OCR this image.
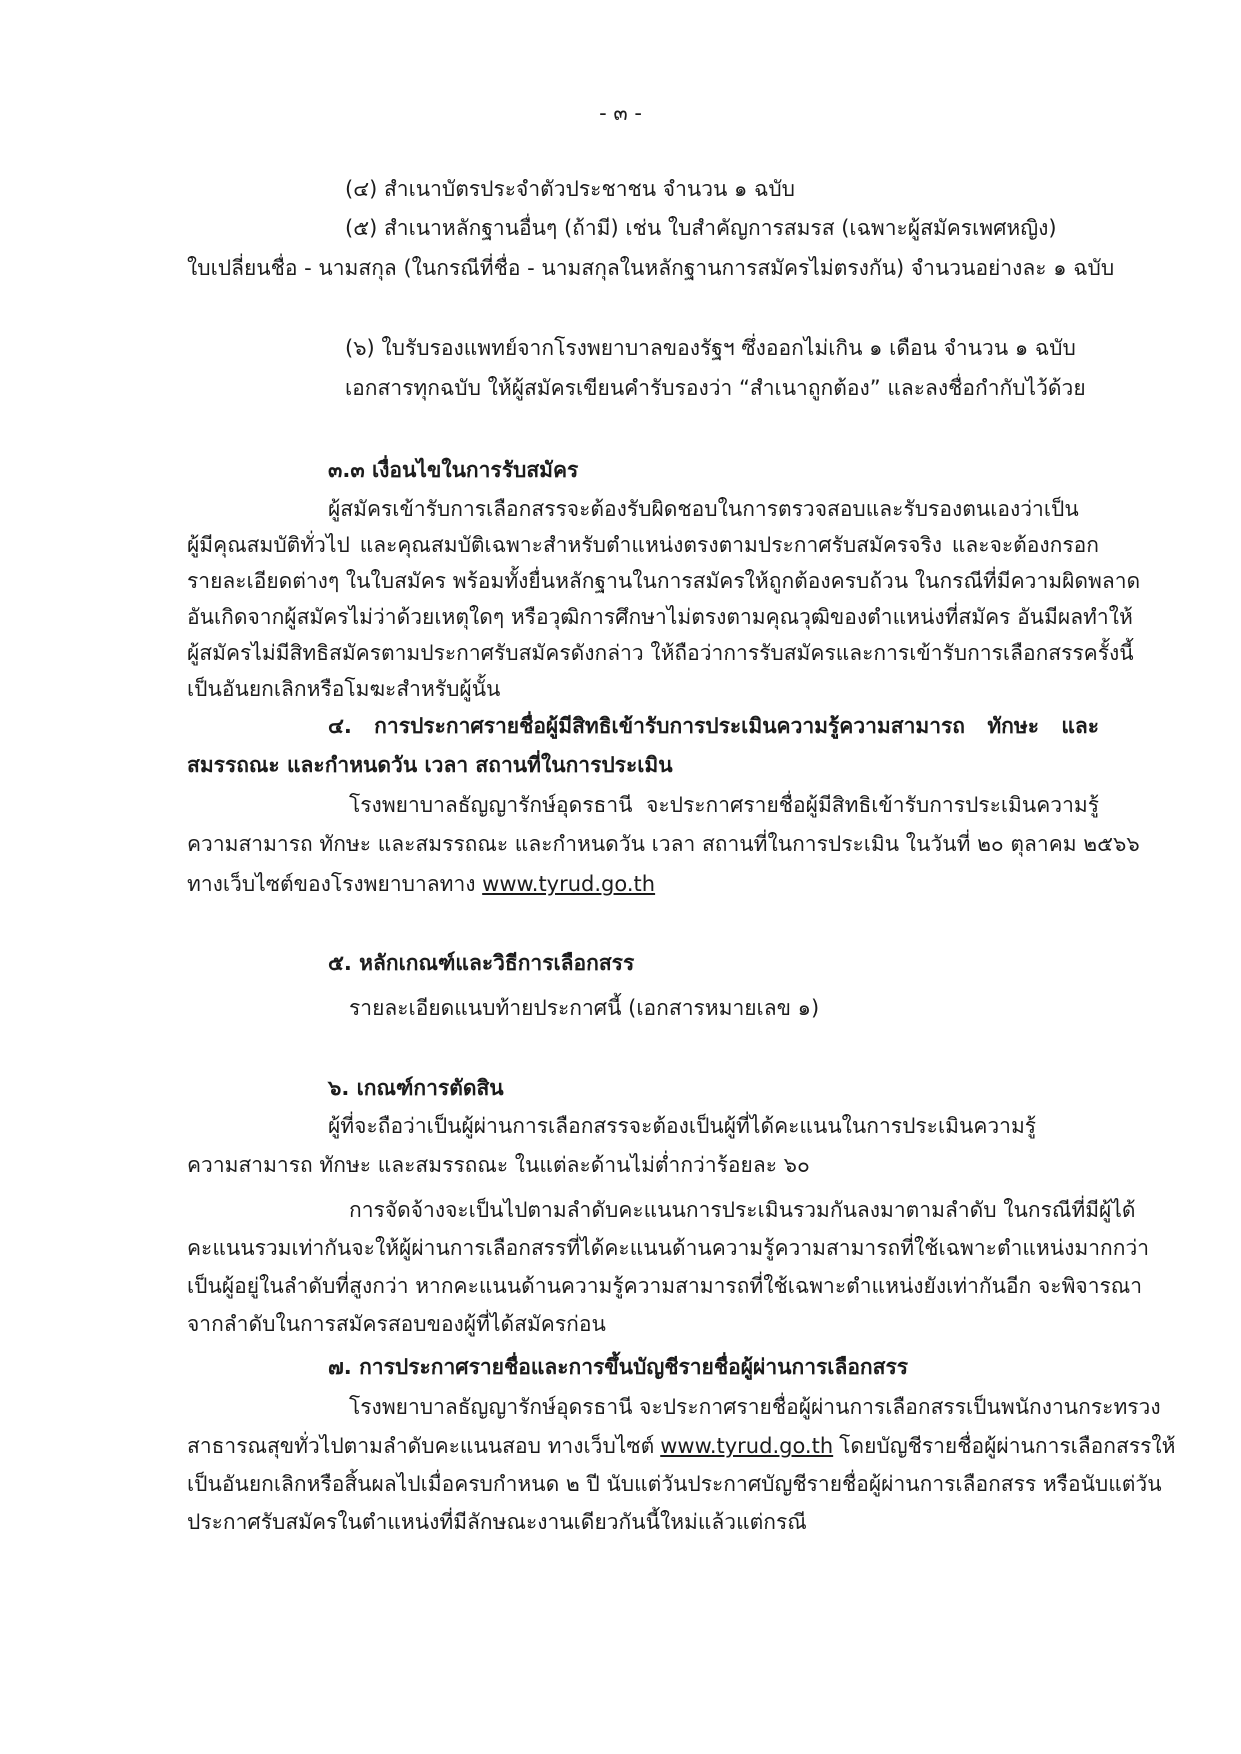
- ๓ -
(๔) สำเนาบัตรประจำตัวประชาชน จำนวน ๑ ฉบับ
(๕) สำเนาหลักฐานอื่นๆ (ถ้ามี) เช่น ใบสำคัญการสมรส (เฉพาะผู้สมัครเพศหญิง)
ใบเปลี่ยนชื่อ - นามสกุล (ในกรณีที่ชื่อ - นามสกุลในหลักฐานการสมัครไม่ตรงกัน) จำนวนอย่างละ ๑ ฉบับ
(๖) ใบรับรองแพทย์จากโรงพยาบาลของรัฐฯ ซึ่งออกไม่เกิน ๑ เดือน จำนวน ๑ ฉบับ
เอกสารทุกฉบับ ให้ผู้สมัครเขียนคำรับรองว่า “สำเนาถูกต้อง” และลงชื่อกำกับไว้ด้วย
๓.๓ เงื่อนไขในการรับสมัคร
ผู้สมัครเข้ารับการเลือกสรรจะต้องรับผิดชอบในการตรวจสอบและรับรองตนเองว่าเป็น
ผู้มีคุณสมบัติทั่วไป และคุณสมบัติเฉพาะสำหรับตำแหน่งตรงตามประกาศรับสมัครจริง และจะต้องกรอก
รายละเอียดต่างๆ ในใบสมัคร พร้อมทั้งยื่นหลักฐานในการสมัครให้ถูกต้องครบถ้วน ในกรณีที่มีความผิดพลาด
อันเกิดจากผู้สมัครไม่ว่าด้วยเหตุใดๆ หรือวุฒิการศึกษาไม่ตรงตามคุณวุฒิของตำแหน่งที่สมัคร อันมีผลทำให้
ผู้สมัครไม่มีสิทธิสมัครตามประกาศรับสมัครดังกล่าว ให้ถือว่าการรับสมัครและการเข้ารับการเลือกสรรครั้งนี้
เป็นอันยกเลิกหรือโมฆะสำหรับผู้นั้น
๔. การประกาศรายชื่อผู้มีสิทธิเข้ารับการประเมินความรู้ความสามารถ ทักษะ และ
สมรรถณะ และกำหนดวัน เวลา สถานที่ในการประเมิน
โรงพยาบาลธัญญารักษ์อุดรธานี จะประกาศรายชื่อผู้มีสิทธิเข้ารับการประเมินความรู้
ความสามารถ ทักษะ และสมรรถณะ และกำหนดวัน เวลา สถานที่ในการประเมิน ในวันที่ ๒๐ ตุลาคม ๒๕๖๖
ทางเว็บไซต์ของโรงพยาบาลทาง www.tyrud.go.th
๕. หลักเกณฑ์และวิธีการเลือกสรร
รายละเอียดแนบท้ายประกาศนี้ (เอกสารหมายเลข ๑)
๖. เกณฑ์การตัดสิน
ผู้ที่จะถือว่าเป็นผู้ผ่านการเลือกสรรจะต้องเป็นผู้ที่ได้คะแนนในการประเมินความรู้
ความสามารถ ทักษะ และสมรรถณะ ในแต่ละด้านไม่ต่ำกว่าร้อยละ ๖๐
การจัดจ้างจะเป็นไปตามลำดับคะแนนการประเมินรวมกันลงมาตามลำดับ ในกรณีที่มีผู้ได้
คะแนนรวมเท่ากันจะให้ผู้ผ่านการเลือกสรรที่ได้คะแนนด้านความรู้ความสามารถที่ใช้เฉพาะตำแหน่งมากกว่า
เป็นผู้อยู่ในลำดับที่สูงกว่า หากคะแนนด้านความรู้ความสามารถที่ใช้เฉพาะตำแหน่งยังเท่ากันอีก จะพิจารณา
จากลำดับในการสมัครสอบของผู้ที่ได้สมัครก่อน
๗. การประกาศรายชื่อและการขึ้นบัญชีรายชื่อผู้ผ่านการเลือกสรร
โรงพยาบาลธัญญารักษ์อุดรธานี จะประกาศรายชื่อผู้ผ่านการเลือกสรรเป็นพนักงานกระทรวง
สาธารณสุขทั่วไปตามลำดับคะแนนสอบ ทางเว็บไซต์ www.tyrud.go.th โดยบัญชีรายชื่อผู้ผ่านการเลือกสรรให้
เป็นอันยกเลิกหรือสิ้นผลไปเมื่อครบกำหนด ๒ ปี นับแต่วันประกาศบัญชีรายชื่อผู้ผ่านการเลือกสรร หรือนับแต่วัน
ประกาศรับสมัครในตำแหน่งที่มีลักษณะงานเดียวกันนี้ใหม่แล้วแต่กรณี
